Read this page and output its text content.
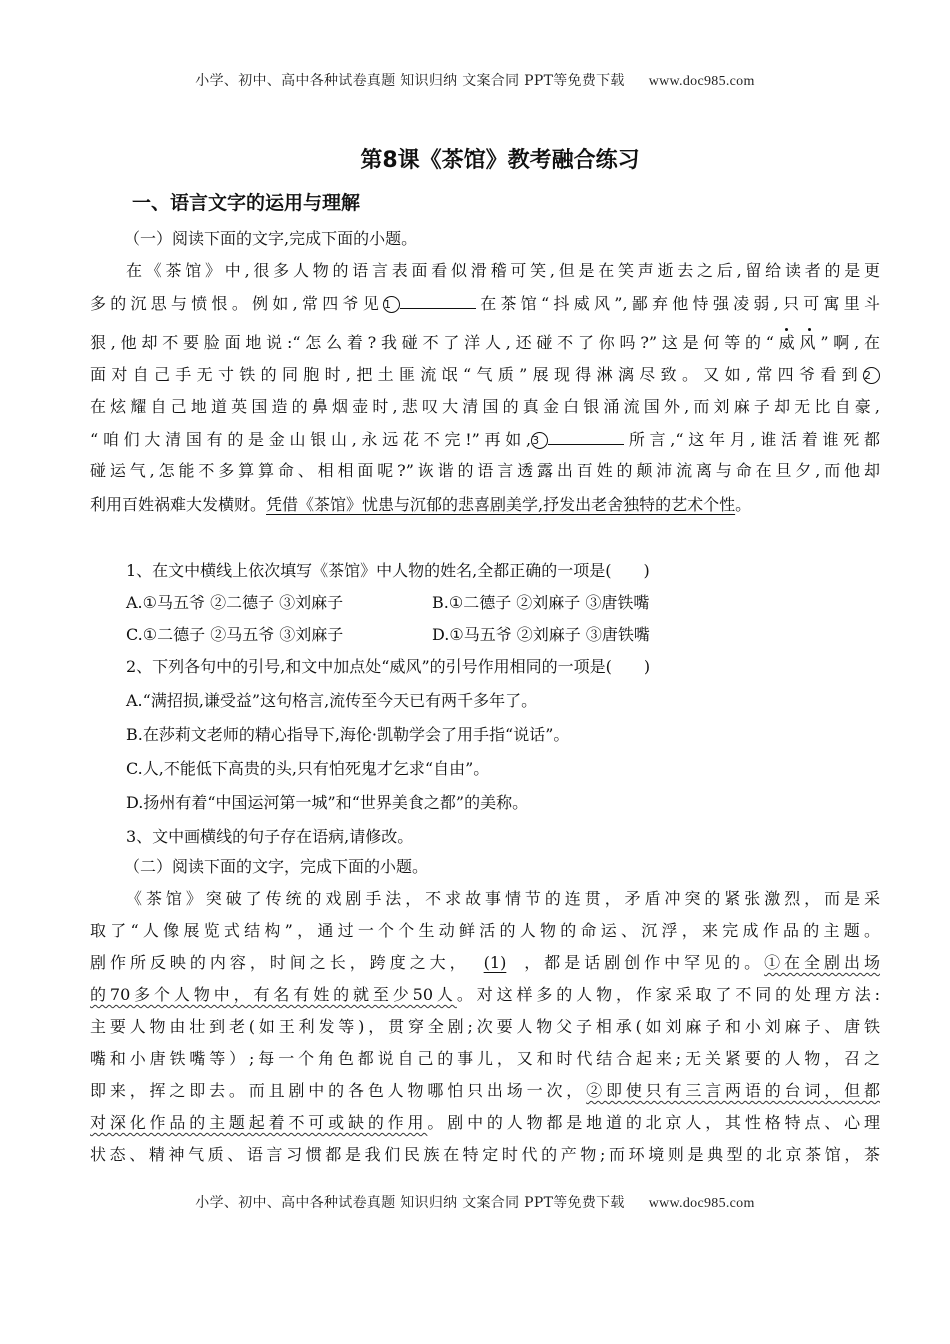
小学、初中、高中各种试卷真题 知识归纳 文案合同 PPT等免费下载 www.doc985.com
第8课《茶馆》教考融合练习
一、语言文字的运用与理解
（一）阅读下面的文字,完成下面的小题。
在《茶馆》中,很多人物的语言表面看似滑稽可笑,但是在笑声逝去之后,留给读者的是更
多的沉思与愤恨。例如,常四爷见1	在茶馆“抖威风”,鄙弃他恃强凌弱,只可寓里斗
狠,他却不要脸面地说:“怎么着?我碰不了洋人,还碰不了你吗?”这是何等的“威风”啊,在
面对自己手无寸铁的同胞时,把土匪流氓“气质”展现得淋漓尽致。又如,常四爷看到2
在炫耀自己地道英国造的鼻烟壶时,悲叹大清国的真金白银涌流国外,而刘麻子却无比自豪,
“咱们大清国有的是金山银山,永远花不完!”再如,3	所言,“这年月,谁活着谁死都
碰运气,怎能不多算算命、相相面呢?”诙谐的语言透露出百姓的颠沛流离与命在旦夕,而他却
利用百姓祸难大发横财。凭借《茶馆》忧患与沉郁的悲喜剧美学,抒发出老舍独特的艺术个性。
1、在文中横线上依次填写《茶馆》中人物的姓名,全都正确的一项是(　　)
A.①马五爷 ②二德子 ③刘麻子	B.①二德子 ②刘麻子 ③唐铁嘴
C.①二德子 ②马五爷 ③刘麻子	D.①马五爷 ②刘麻子 ③唐铁嘴
2、下列各句中的引号,和文中加点处“威风”的引号作用相同的一项是(　　)
A.“满招损,谦受益”这句格言,流传至今天已有两千多年了。
B.在莎莉文老师的精心指导下,海伦·凯勒学会了用手指“说话”。
C.人,不能低下高贵的头,只有怕死鬼才乞求“自由”。
D.扬州有着“中国运河第一城”和“世界美食之都”的美称。
3、文中画横线的句子存在语病,请修改。
（二）阅读下面的文字，完成下面的小题。
《茶馆》突破了传统的戏剧手法，不求故事情节的连贯，矛盾冲突的紧张激烈，而是采
取了“人像展览式结构”，通过一个个生动鲜活的人物的命运、沉浮，来完成作品的主题。
剧作所反映的内容，时间之长，跨度之大， (1) ，都是话剧创作中罕见的。①在全剧出场
的70多个人物中，有名有姓的就至少50人。对这样多的人物，作家采取了不同的处理方法:
主要人物由壮到老(如王利发等)，贯穿全剧;次要人物父子相承(如刘麻子和小刘麻子、唐铁
嘴和小唐铁嘴等）;每一个角色都说自己的事儿，又和时代结合起来;无关紧要的人物，召之
即来，挥之即去。而且剧中的各色人物哪怕只出场一次，②即使只有三言两语的台词，但都
对深化作品的主题起着不可或缺的作用。剧中的人物都是地道的北京人，其性格特点、心理
状态、精神气质、语言习惯都是我们民族在特定时代的产物;而环境则是典型的北京茶馆，茶
小学、初中、高中各种试卷真题 知识归纳 文案合同 PPT等免费下载 www.doc985.com
